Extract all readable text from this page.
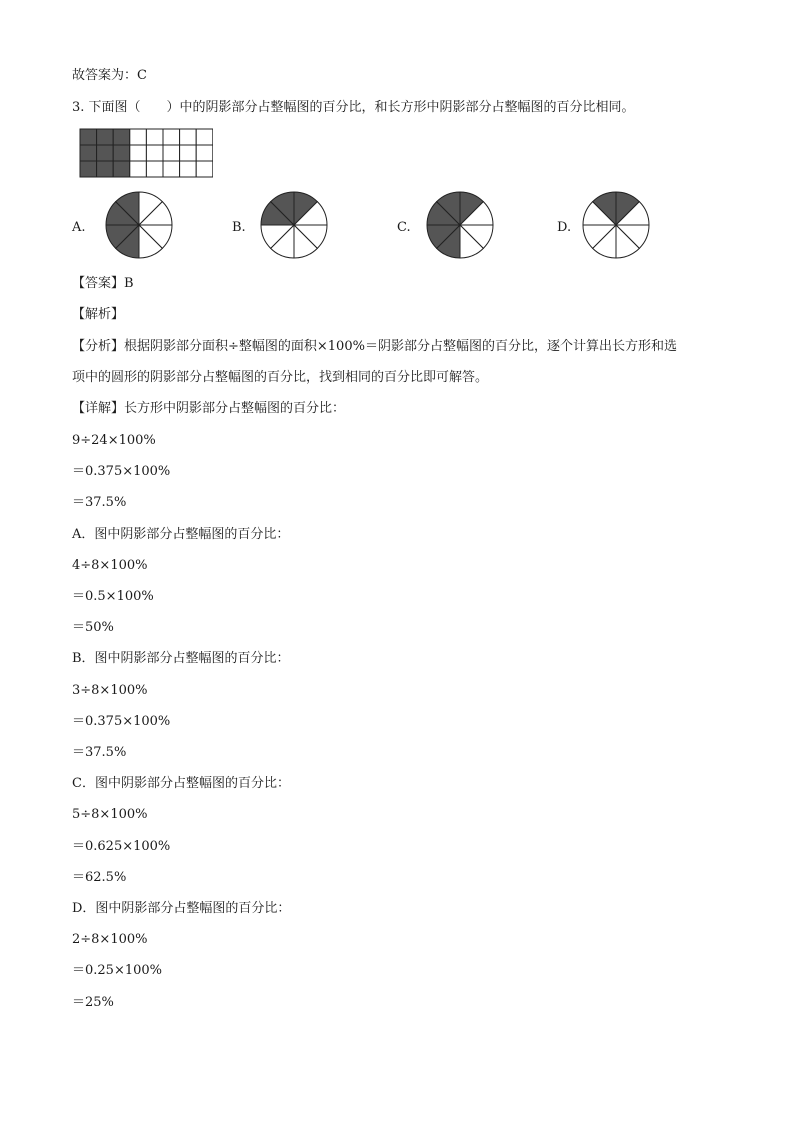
故答案为：C
3. 下面图（　　）中的阴影部分占整幅图的百分比，和长方形中阴影部分占整幅图的百分比相同。
A.	B.	C.	D.
【答案】B
【解析】
【分析】根据阴影部分面积÷整幅图的面积×100%＝阴影部分占整幅图的百分比，逐个计算出长方形和选
项中的圆形的阴影部分占整幅图的百分比，找到相同的百分比即可解答。
【详解】长方形中阴影部分占整幅图的百分比：
9÷24×100%
＝0.375×100%
＝37.5%
A．图中阴影部分占整幅图的百分比：
4÷8×100%
＝0.5×100%
＝50%
B．图中阴影部分占整幅图的百分比：
3÷8×100%
＝0.375×100%
＝37.5%
C．图中阴影部分占整幅图的百分比：
5÷8×100%
＝0.625×100%
＝62.5%
D．图中阴影部分占整幅图的百分比：
2÷8×100%
＝0.25×100%
＝25%
